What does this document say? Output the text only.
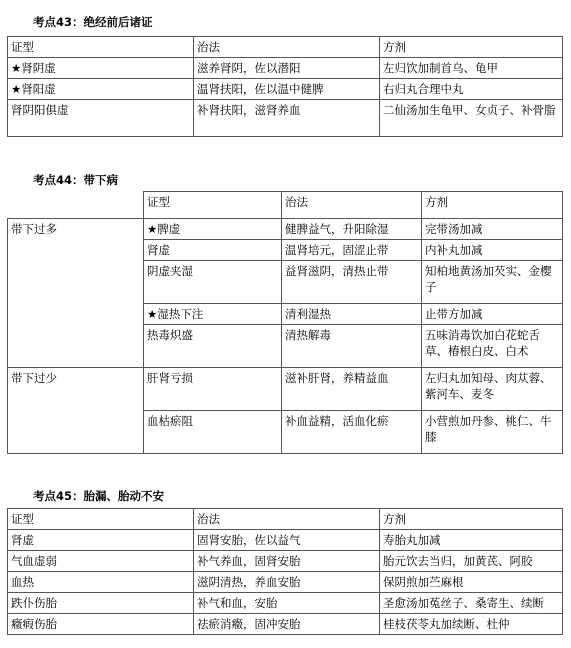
考点43：绝经前后诸证
证型	治法	方剂
★肾阴虚	滋养肾阴，佐以潜阳	左归饮加制首乌、龟甲
★肾阳虚	温肾扶阳，佐以温中健脾	右归丸合理中丸
肾阴阳俱虚	补肾扶阳，滋肾养血	二仙汤加生龟甲、女贞子、补骨脂
考点44：带下病
	证型	治法	方剂
带下过多	★脾虚	健脾益气，升阳除湿	完带汤加减
	肾虚	温肾培元，固涩止带	内补丸加减
	阴虚夹湿	益肾滋阴，清热止带	知柏地黄汤加芡实、金樱子
	★湿热下注	清利湿热	止带方加减
	热毒炽盛	清热解毒	五味消毒饮加白花蛇舌草、椿根白皮、白术
带下过少	肝肾亏损	滋补肝肾，养精益血	左归丸加知母、肉苁蓉、紫河车、麦冬
	血枯瘀阻	补血益精，活血化瘀	小营煎加丹参、桃仁、牛膝
考点45：胎漏、胎动不安
证型	治法	方剂
肾虚	固肾安胎，佐以益气	寿胎丸加减
气血虚弱	补气养血，固肾安胎	胎元饮去当归，加黄芪、阿胶
血热	滋阴清热，养血安胎	保阴煎加苎麻根
跌仆伤胎	补气和血，安胎	圣愈汤加菟丝子、桑寄生、续断
癥瘕伤胎	祛瘀消癥，固冲安胎	桂枝茯苓丸加续断、杜仲
